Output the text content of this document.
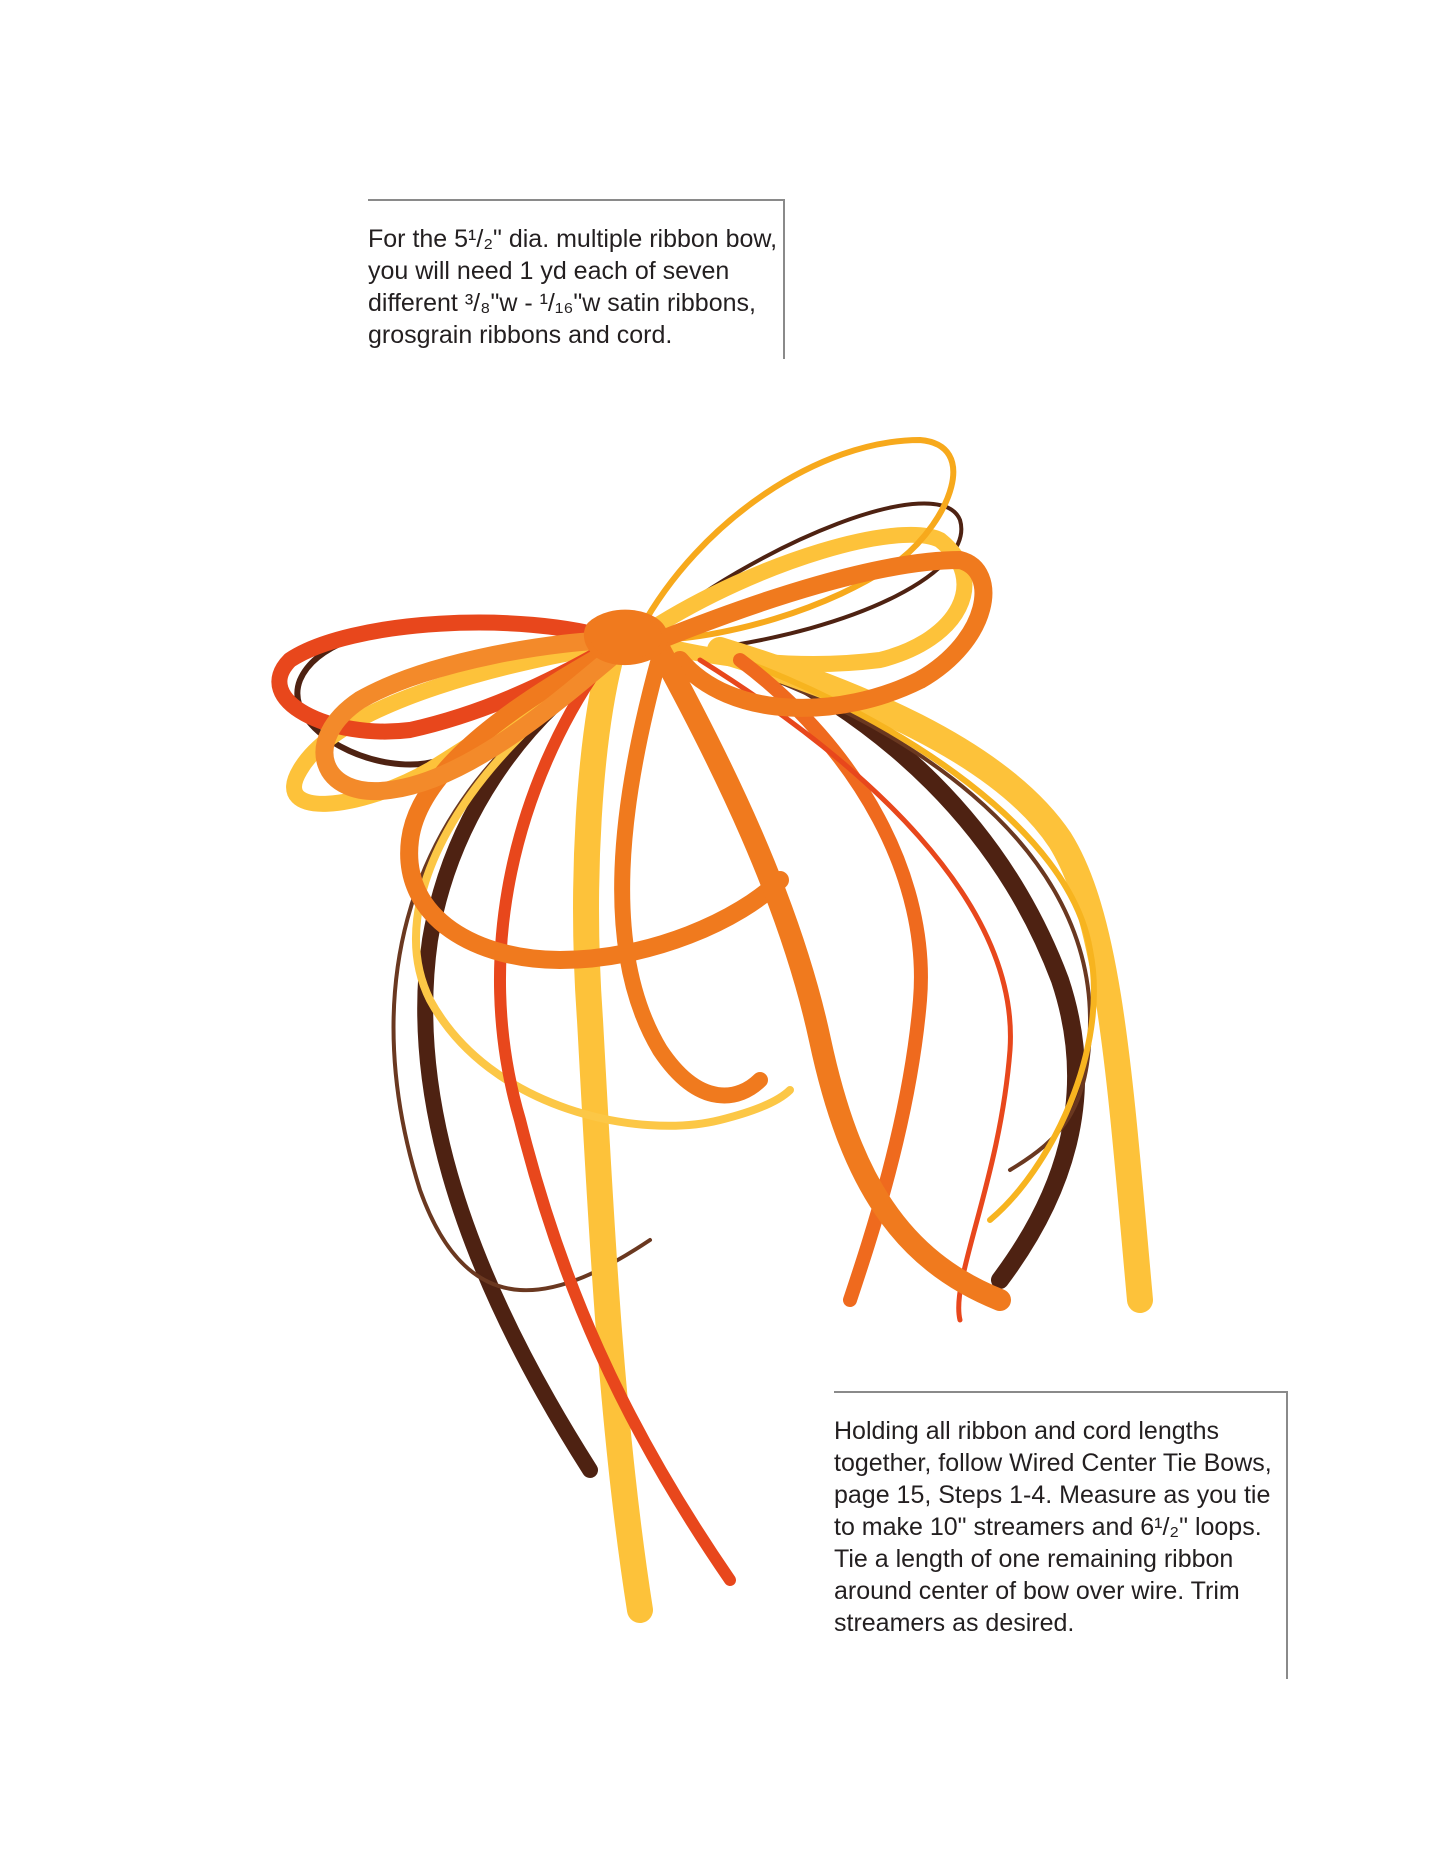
For the 5¹/₂" dia. multiple ribbon bow, you will need 1 yd each of seven different ³/₈"w - ¹/₁₆"w satin ribbons, grosgrain ribbons and cord.

Holding all ribbon and cord lengths together, follow Wired Center Tie Bows, page 15, Steps 1-4. Measure as you tie to make 10" streamers and 6¹/₂" loops. Tie a length of one remaining ribbon around center of bow over wire. Trim streamers as desired.
